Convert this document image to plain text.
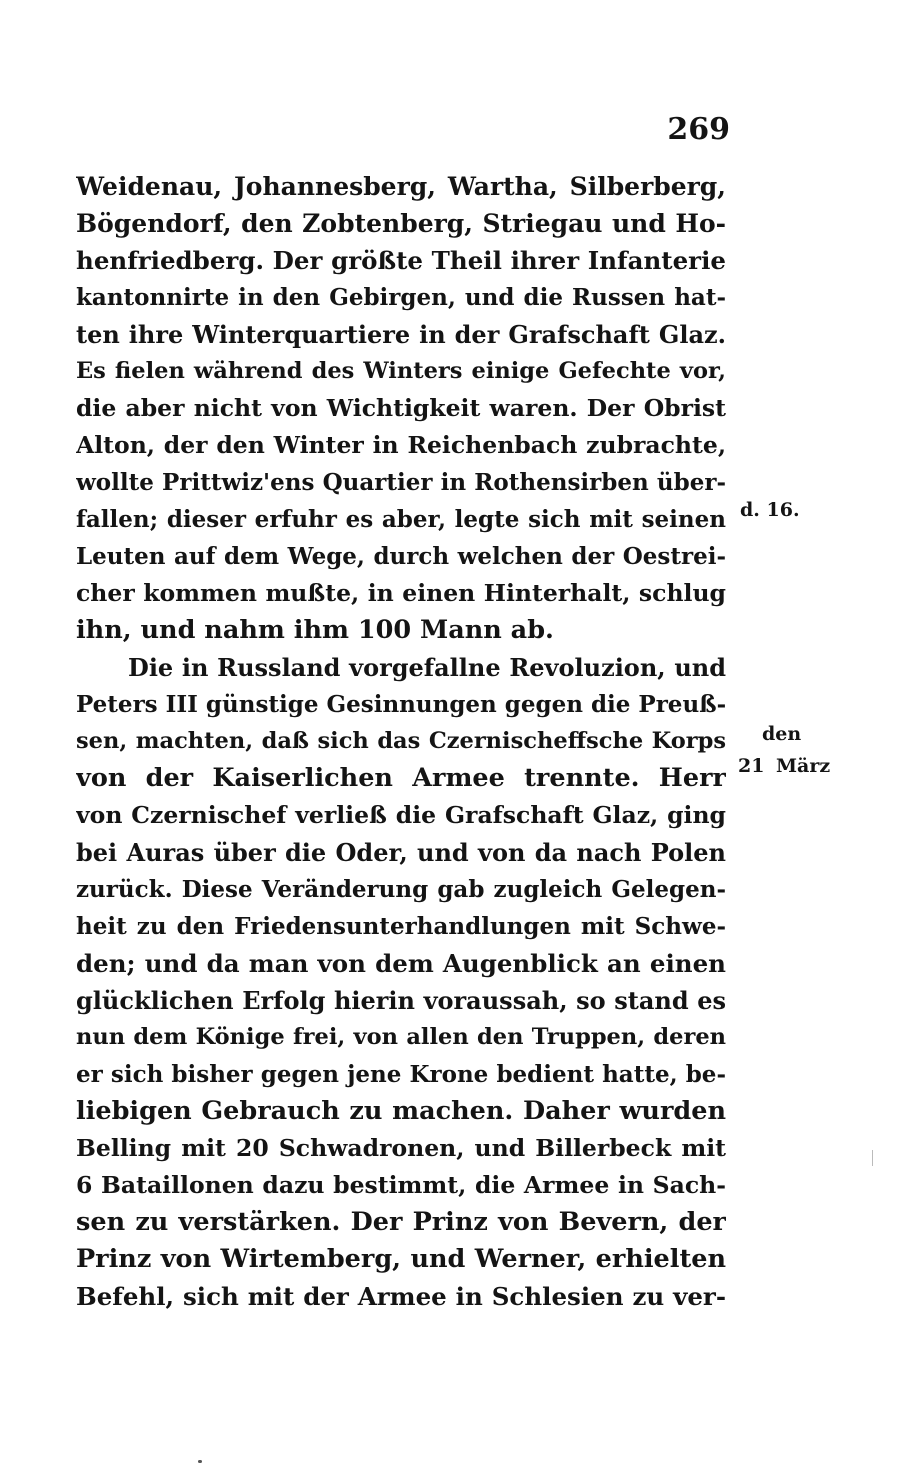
269
Weidenau, Johannesberg, Wartha, Silberberg,
Bögendorf, den Zobtenberg, Striegau und Ho-
henfriedberg. Der größte Theil ihrer Infanterie
kantonnirte in den Gebirgen, und die Russen hat-
ten ihre Winterquartiere in der Grafschaft Glaz.
Es fielen während des Winters einige Gefechte vor,
die aber nicht von Wichtigkeit waren. Der Obrist
Alton, der den Winter in Reichenbach zubrachte,
wollte Prittwiz'ens Quartier in Rothensirben über-
fallen; dieser erfuhr es aber, legte sich mit seinen
Leuten auf dem Wege, durch welchen der Oestrei-
cher kommen mußte, in einen Hinterhalt, schlug
ihn, und nahm ihm 100 Mann ab.
Die in Russland vorgefallne Revoluzion, und
Peters III günstige Gesinnungen gegen die Preuß-
sen, machten, daß sich das Czernischeffsche Korps
von der Kaiserlichen Armee trennte. Herr
von Czernischef verließ die Grafschaft Glaz, ging
bei Auras über die Oder, und von da nach Polen
zurück. Diese Veränderung gab zugleich Gelegen-
heit zu den Friedensunterhandlungen mit Schwe-
den; und da man von dem Augenblick an einen
glücklichen Erfolg hierin voraussah, so stand es
nun dem Könige frei, von allen den Truppen, deren
er sich bisher gegen jene Krone bedient hatte, be-
liebigen Gebrauch zu machen. Daher wurden
Belling mit 20 Schwadronen, und Billerbeck mit
6 Bataillonen dazu bestimmt, die Armee in Sach-
sen zu verstärken. Der Prinz von Bevern, der
Prinz von Wirtemberg, und Werner, erhielten
Befehl, sich mit der Armee in Schlesien zu ver-
d. 16.
den
21 März
